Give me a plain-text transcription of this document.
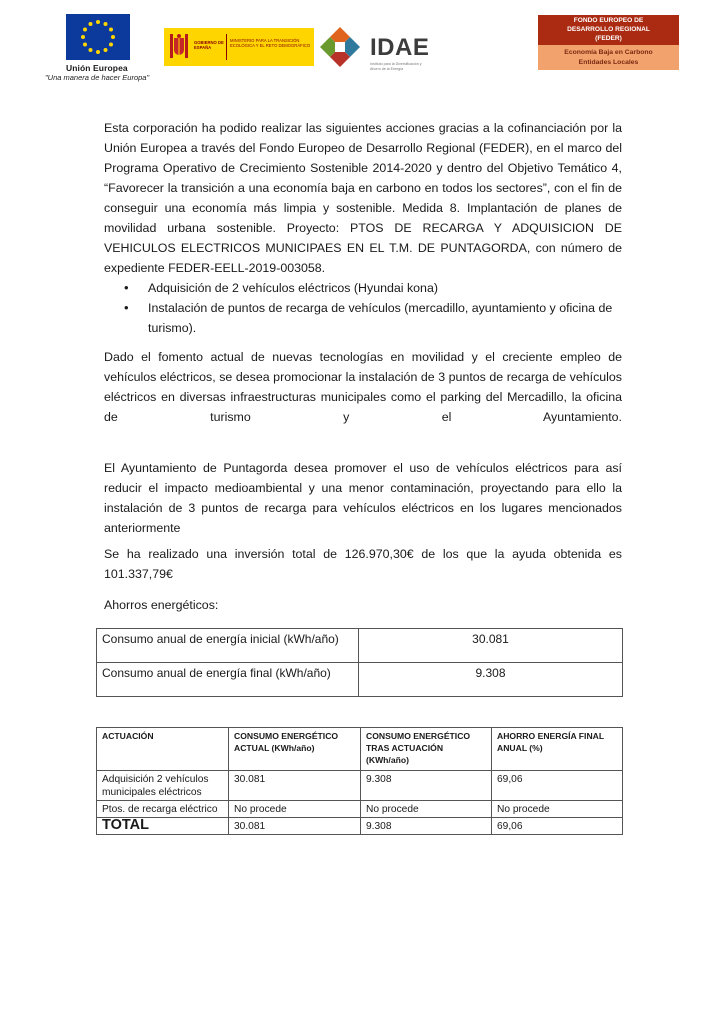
Unión Europea
"Una manera de hacer Europa"
GOBIERNO DE ESPAÑA
MINISTERIO PARA LA TRANSICIÓN ECOLÓGICA Y EL RETO DEMOGRÁFICO IDAE
Instituto para la Diversificación y Ahorro de la Energía
FONDO EUROPEO DE
DESARROLLO REGIONAL
(FEDER)
Economía Baja en Carbono
Entidades Locales

Esta corporación ha podido realizar las siguientes acciones gracias a la cofinanciación por la Unión Europea a través del Fondo Europeo de Desarrollo Regional (FEDER), en el marco del Programa Operativo de Crecimiento Sostenible 2014-2020 y dentro del Objetivo Temático 4, “Favorecer la transición a una economía baja en carbono en todos los sectores”, con el fin de conseguir una economía más limpia y sostenible. Medida 8. Implantación de planes de movilidad urbana sostenible. Proyecto: PTOS DE RECARGA Y ADQUISICION DE VEHICULOS ELECTRICOS MUNICIPAES EN EL T.M. DE PUNTAGORDA, con número de expediente FEDER-EELL-2019-003058.

• Adquisición de 2 vehículos eléctricos (Hyundai kona)
• Instalación de puntos de recarga de vehículos (mercadillo, ayuntamiento y oficina de turismo).

Dado el fomento actual de nuevas tecnologías en movilidad y el creciente empleo de vehículos eléctricos, se desea promocionar la instalación de 3 puntos de recarga de vehículos eléctricos en diversas infraestructuras municipales como el parking del Mercadillo, la oficina de turismo y el Ayuntamiento.

El Ayuntamiento de Puntagorda desea promover el uso de vehículos eléctricos para así reducir el impacto medioambiental y una menor contaminación, proyectando para ello la instalación de 3 puntos de recarga para vehículos eléctricos en los lugares mencionados anteriormente

Se ha realizado una inversión total de 126.970,30€ de los que la ayuda obtenida es 101.337,79€

Ahorros energéticos:

Consumo anual de energía inicial (kWh/año)	30.081
Consumo anual de energía final (kWh/año)	9.308
ACTUACIÓN	CONSUMO ENERGÉTICO ACTUAL (KWh/año)	CONSUMO ENERGÉTICO TRAS ACTUACIÓN (KWh/año)	AHORRO ENERGÍA FINAL ANUAL (%)
Adquisición 2 vehículos municipales eléctricos	30.081	9.308	69,06
Ptos. de recarga eléctrico	No procede	No procede	No procede
TOTAL	30.081	9.308	69,06
